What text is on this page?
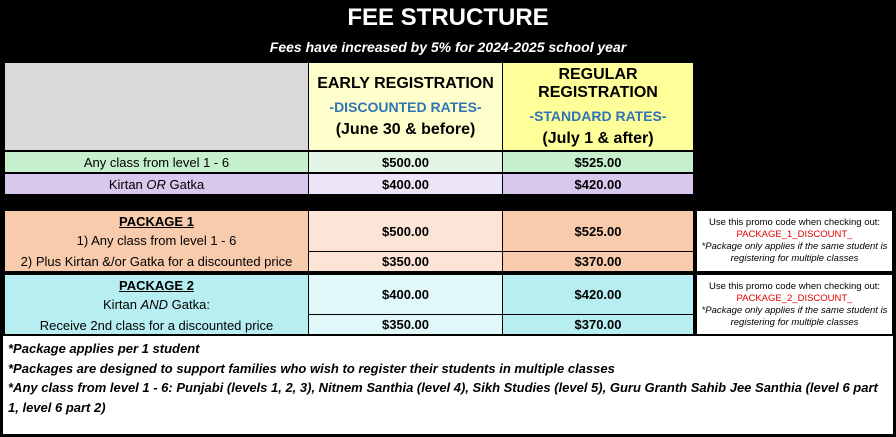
FEE STRUCTURE
Fees have increased by 5% for 2024-2025 school year
EARLY REGISTRATION
-DISCOUNTED RATES-
(June 30 & before)
REGULAR REGISTRATION
-STANDARD RATES-
(July 1 & after)
Any class from level 1 - 6	$500.00	$525.00
Kirtan OR Gatka	$400.00	$420.00
PACKAGE 1
1) Any class from level 1 - 6
2) Plus Kirtan &/or Gatka for a discounted price
$500.00	$525.00
$350.00	$370.00
Use this promo code when checking out:
PACKAGE_1_DISCOUNT_
*Package only applies if the same student is registering for multiple classes
PACKAGE 2
Kirtan AND Gatka:
Receive 2nd class for a discounted price
$400.00	$420.00
$350.00	$370.00
Use this promo code when checking out:
PACKAGE_2_DISCOUNT_
*Package only applies if the same student is registering for multiple classes
*Package applies per 1 student
*Packages are designed to support families who wish to register their students in multiple classes
*Any class from level 1 - 6: Punjabi (levels 1, 2, 3), Nitnem Santhia (level 4), Sikh Studies (level 5), Guru Granth Sahib Jee Santhia (level 6 part 1, level 6 part 2)
